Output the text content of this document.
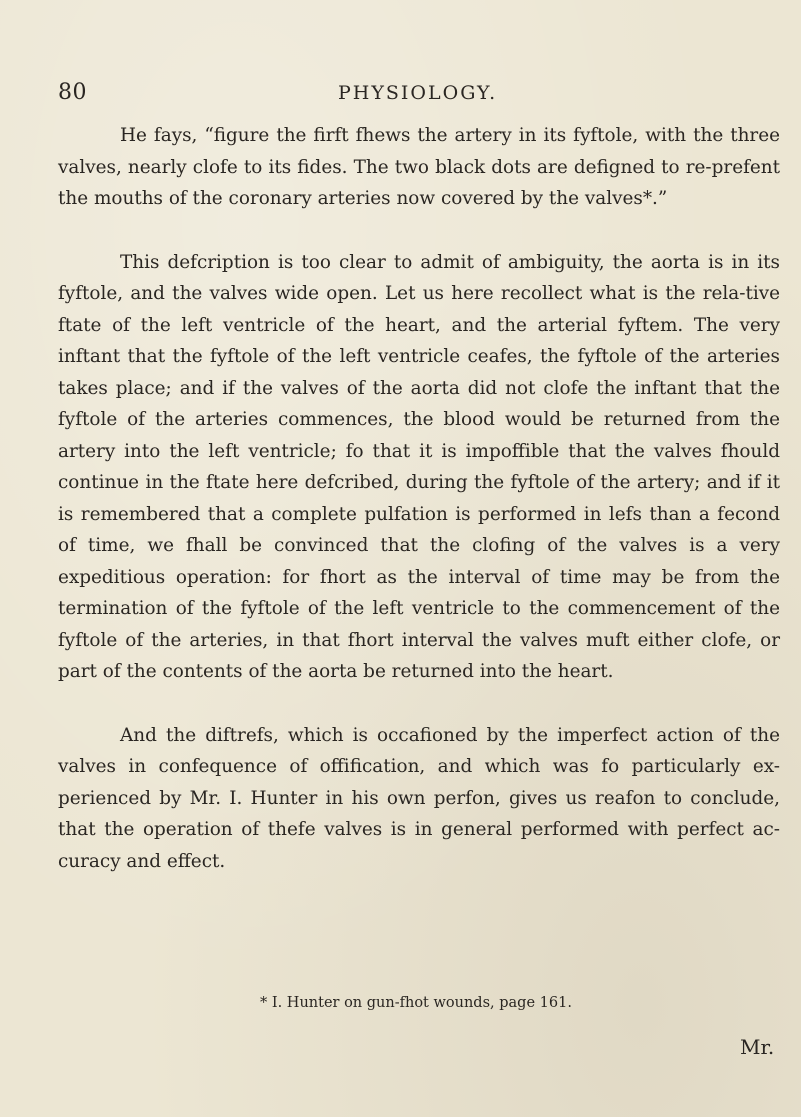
80	PHYSIOLOGY.

He fays, “figure the firft fhews the artery in its fyftole, with the three valves, nearly clofe to its fides. The two black dots are defigned to re-prefent the mouths of the coronary arteries now covered by the valves*.”

This defcription is too clear to admit of ambiguity, the aorta is in its fyftole, and the valves wide open. Let us here recollect what is the rela-tive ftate of the left ventricle of the heart, and the arterial fyftem. The very inftant that the fyftole of the left ventricle ceafes, the fyftole of the arteries takes place; and if the valves of the aorta did not clofe the inftant that the fyftole of the arteries commences, the blood would be returned from the artery into the left ventricle; fo that it is impoffible that the valves fhould continue in the ftate here defcribed, during the fyftole of the artery; and if it is remembered that a complete pulfation is performed in lefs than a fecond of time, we fhall be convinced that the clofing of the valves is a very expeditious operation: for fhort as the interval of time may be from the termination of the fyftole of the left ventricle to the commencement of the fyftole of the arteries, in that fhort interval the valves muft either clofe, or part of the contents of the aorta be returned into the heart.

And the diftrefs, which is occafioned by the imperfect action of the valves in confequence of offification, and which was fo particularly ex-perienced by Mr. I. Hunter in his own perfon, gives us reafon to conclude, that the operation of thefe valves is in general performed with perfect ac-curacy and effect.

* I. Hunter on gun-fhot wounds, page 161.
Mr.
